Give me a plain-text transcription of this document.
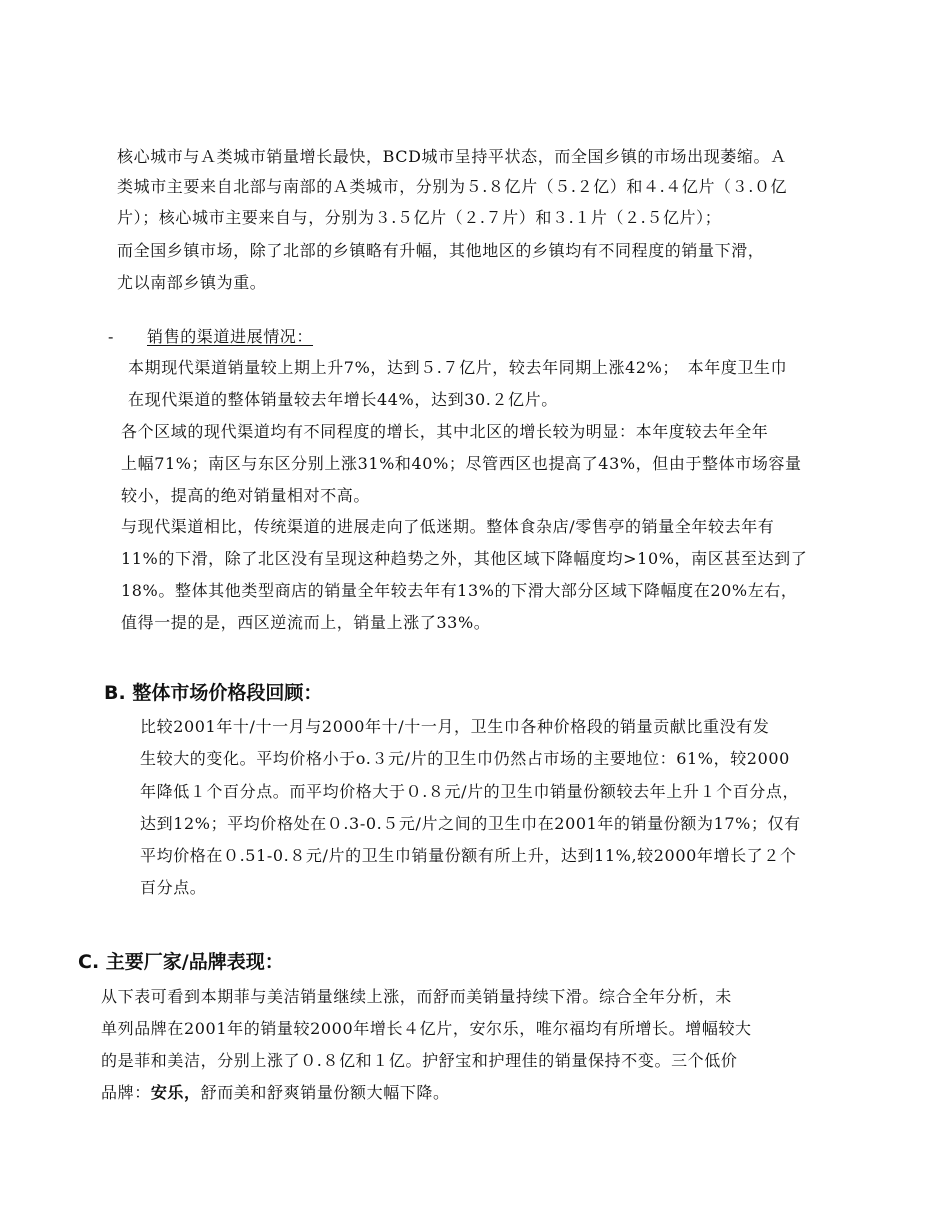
核心城市与Ａ类城市销量增长最快，BCD城市呈持平状态，而全国乡镇的市场出现萎缩。Ａ
类城市主要来自北部与南部的Ａ类城市，分别为５.８亿片（５.２亿）和４.４亿片（３.０亿
片）；核心城市主要来自与，分别为３.５亿片（２.７片）和３.１片（２.５亿片）；
而全国乡镇市场，除了北部的乡镇略有升幅，其他地区的乡镇均有不同程度的销量下滑，
尤以南部乡镇为重。
- 销售的渠道进展情况：
本期现代渠道销量较上期上升7%，达到５.７亿片，较去年同期上涨42%；　本年度卫生巾
在现代渠道的整体销量较去年增长44%，达到30.２亿片。
各个区域的现代渠道均有不同程度的增长，其中北区的增长较为明显：本年度较去年全年
上幅71%；南区与东区分别上涨31%和40%；尽管西区也提高了43%，但由于整体市场容量
较小，提高的绝对销量相对不高。
与现代渠道相比，传统渠道的进展走向了低迷期。整体食杂店/零售亭的销量全年较去年有
11%的下滑，除了北区没有呈现这种趋势之外，其他区域下降幅度均>10%，南区甚至达到了
18%。整体其他类型商店的销量全年较去年有13%的下滑大部分区域下降幅度在20%左右，
值得一提的是，西区逆流而上，销量上涨了33%。
B. 整体市场价格段回顾：
比较2001年十/十一月与2000年十/十一月，卫生巾各种价格段的销量贡献比重没有发
生较大的变化。平均价格小于o.３元/片的卫生巾仍然占市场的主要地位：61%，较2000
年降低１个百分点。而平均价格大于０.８元/片的卫生巾销量份额较去年上升１个百分点，
达到12%；平均价格处在０.3-0.５元/片之间的卫生巾在2001年的销量份额为17%；仅有
平均价格在０.51-0.８元/片的卫生巾销量份额有所上升，达到11%,较2000年增长了２个
百分点。
C. 主要厂家/品牌表现：
从下表可看到本期菲与美洁销量继续上涨，而舒而美销量持续下滑。综合全年分析，未
单列品牌在2001年的销量较2000年增长４亿片，安尔乐，唯尔福均有所增长。增幅较大
的是菲和美洁，分别上涨了０.８亿和１亿。护舒宝和护理佳的销量保持不变。三个低价
品牌：安乐，舒而美和舒爽销量份额大幅下降。
